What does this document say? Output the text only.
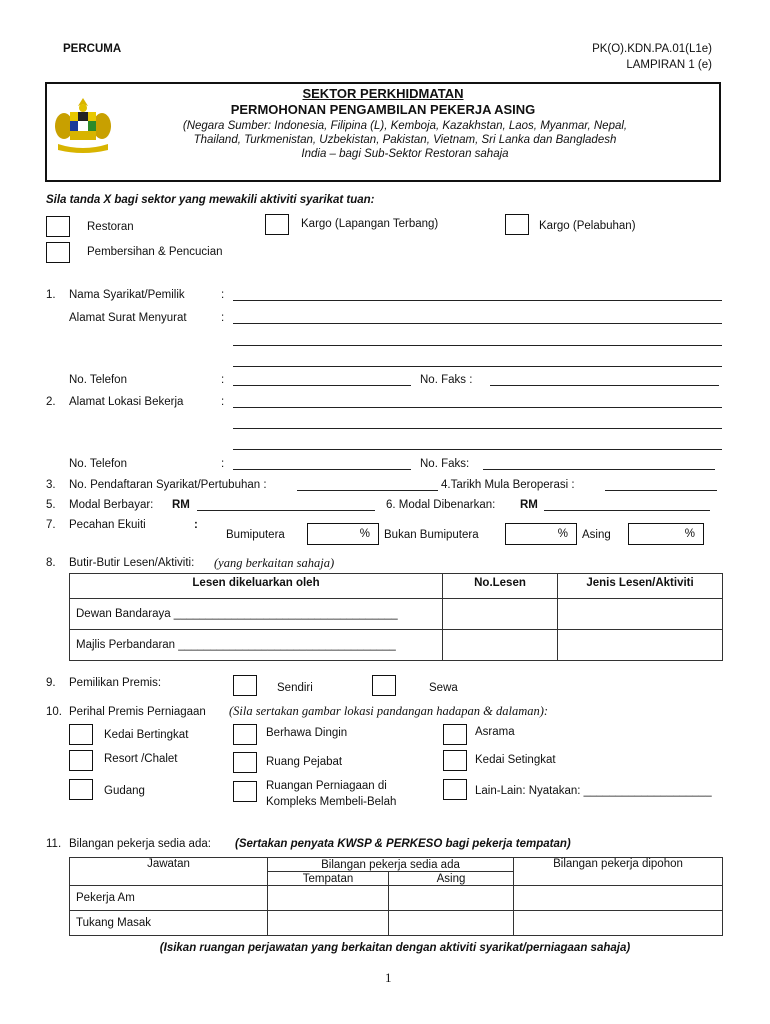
PERCUMA	PK(O).KDN.PA.01(L1e)
LAMPIRAN 1 (e)
SEKTOR PERKHIDMATAN
PERMOHONAN PENGAMBILAN PEKERJA ASING
(Negara Sumber: Indonesia, Filipina (L), Kemboja, Kazakhstan, Laos, Myanmar, Nepal,
Thailand, Turkmenistan, Uzbekistan, Pakistan, Vietnam, Sri Lanka dan Bangladesh
India – bagi Sub-Sektor Restoran sahaja
Sila tanda X bagi sektor yang mewakili aktiviti syarikat tuan:
Restoran	Kargo (Lapangan Terbang)	Kargo (Pelabuhan)
Pembersihan & Pencucian
1. Nama Syarikat/Pemilik	:
Alamat Surat Menyurat	:
No. Telefon	:	No. Faks :
2. Alamat Lokasi Bekerja	:
No. Telefon	:	No. Faks:
3. No. Pendaftaran Syarikat/Pertubuhan :	4.Tarikh Mula Beroperasi :
5. Modal Berbayar: RM	6. Modal Dibenarkan: RM
7. Pecahan Ekuiti	:
Bumiputera	% Bukan Bumiputera	% Asing	%
8. Butir-Butir Lesen/Aktiviti: (yang berkaitan sahaja)
Lesen dikeluarkan oleh	No.Lesen	Jenis Lesen/Aktiviti
Dewan Bandaraya ___________________________________		
Majlis Perbandaran __________________________________		
9. Pemilikan Premis:	Sendiri	Sewa
10. Perihal Premis Perniagaan (Sila sertakan gambar lokasi pandangan hadapan & dalaman):
Kedai Bertingkat	Berhawa Dingin	Asrama
Resort /Chalet	Ruang Pejabat	Kedai Setingkat
Gudang	Ruangan Perniagaan di
Kompleks Membeli-Belah
Lain-Lain: Nyatakan: ____________________
11. Bilangan pekerja sedia ada: (Sertakan penyata KWSP & PERKESO bagi pekerja tempatan)
Jawatan	Bilangan pekerja sedia ada		Bilangan pekerja dipohon
	Tempatan	Asing	
Pekerja Am			
Tukang Masak			
(Isikan ruangan perjawatan yang berkaitan dengan aktiviti syarikat/perniagaan sahaja)
1
